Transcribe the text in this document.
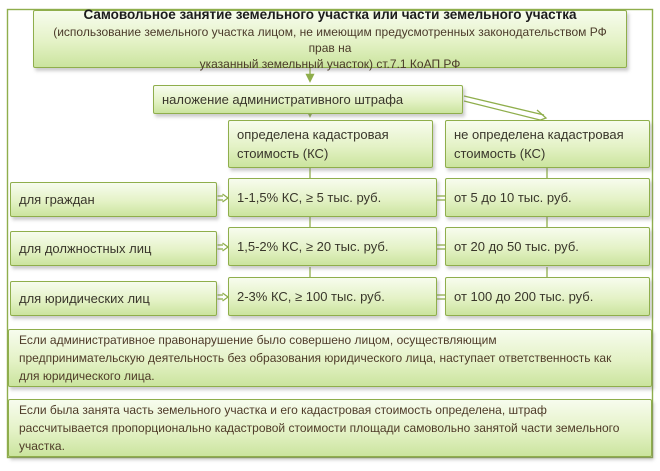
Самовольное занятие земельного участка или части земельного участка
(использование земельного участка лицом, не имеющим предусмотренных законодательством РФ прав на
указанный земельный участок) ст.7.1 КоАП РФ
наложение административного штрафа
определена кадастровая стоимость (КС)
не определена кадастровая стоимость (КС)
для граждан	1-1,5% КС, ≥ 5 тыс. руб.	от 5 до 10 тыс. руб.
для должностных лиц	1,5-2% КС, ≥ 20 тыс. руб.	от 20 до 50 тыс. руб.
для юридических лиц	2-3% КС, ≥ 100 тыс. руб.	от 100 до 200 тыс. руб.
Если административное правонарушение было совершено лицом, осуществляющим
предпринимательскую деятельность без образования юридического лица, наступает ответственность как
для юридического лица.
Если была занята часть земельного участка и его кадастровая стоимость определена, штраф
рассчитывается пропорционально кадастровой стоимости площади самовольно занятой части земельного
участка.
